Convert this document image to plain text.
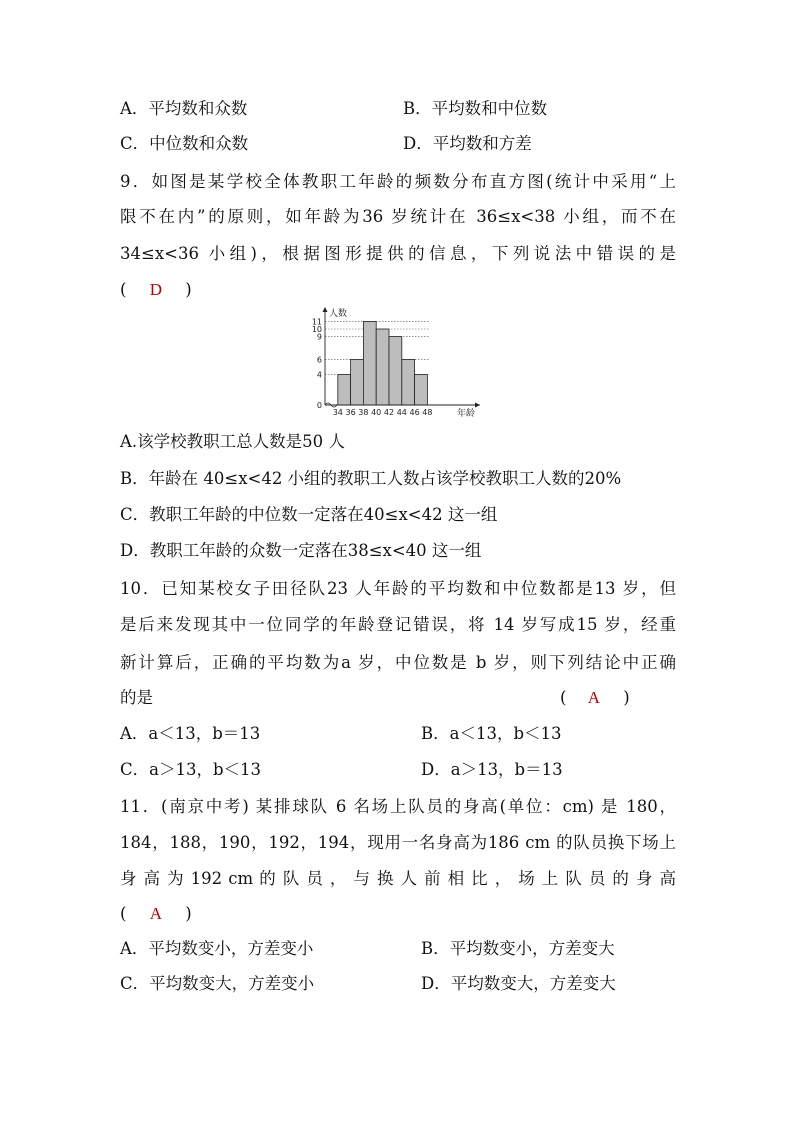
A．平均数和众数	B．平均数和中位数
C．中位数和众数	D．平均数和方差
9．如图是某学校全体教职工年龄的频数分布直方图(统计中采用“上
限不在内”的原则，如年龄为36 岁统计在 36≤x<38 小组，而不在
34≤x<36 小组)，根据图形提供的信息，下列说法中错误的是
( D )
0
4
6
9
10
11
34 36 38 40 42 44 46 48
人数
年龄
A.该学校教职工总人数是50 人
B．年龄在 40≤x<42 小组的教职工人数占该学校教职工人数的20%
C．教职工年龄的中位数一定落在40≤x<42 这一组
D．教职工年龄的众数一定落在38≤x<40 这一组
10．已知某校女子田径队23 人年龄的平均数和中位数都是13 岁，但
是后来发现其中一位同学的年龄登记错误，将 14 岁写成15 岁，经重
新计算后，正确的平均数为a 岁，中位数是 b 岁，则下列结论中正确
的是	( A )
A．a＜13，b＝13	B．a＜13，b＜13
C．a＞13，b＜13	D．a＞13，b＝13
11．(南京中考) 某排球队 6 名场上队员的身高(单位：cm) 是 180，
184，188，190，192，194，现用一名身高为186 cm 的队员换下场上
身 高 为 192 cm 的 队 员 ， 与 换 人 前 相 比 ， 场 上 队 员 的 身 高
( A )
A．平均数变小，方差变小	B．平均数变小，方差变大
C．平均数变大，方差变小	D．平均数变大，方差变大
